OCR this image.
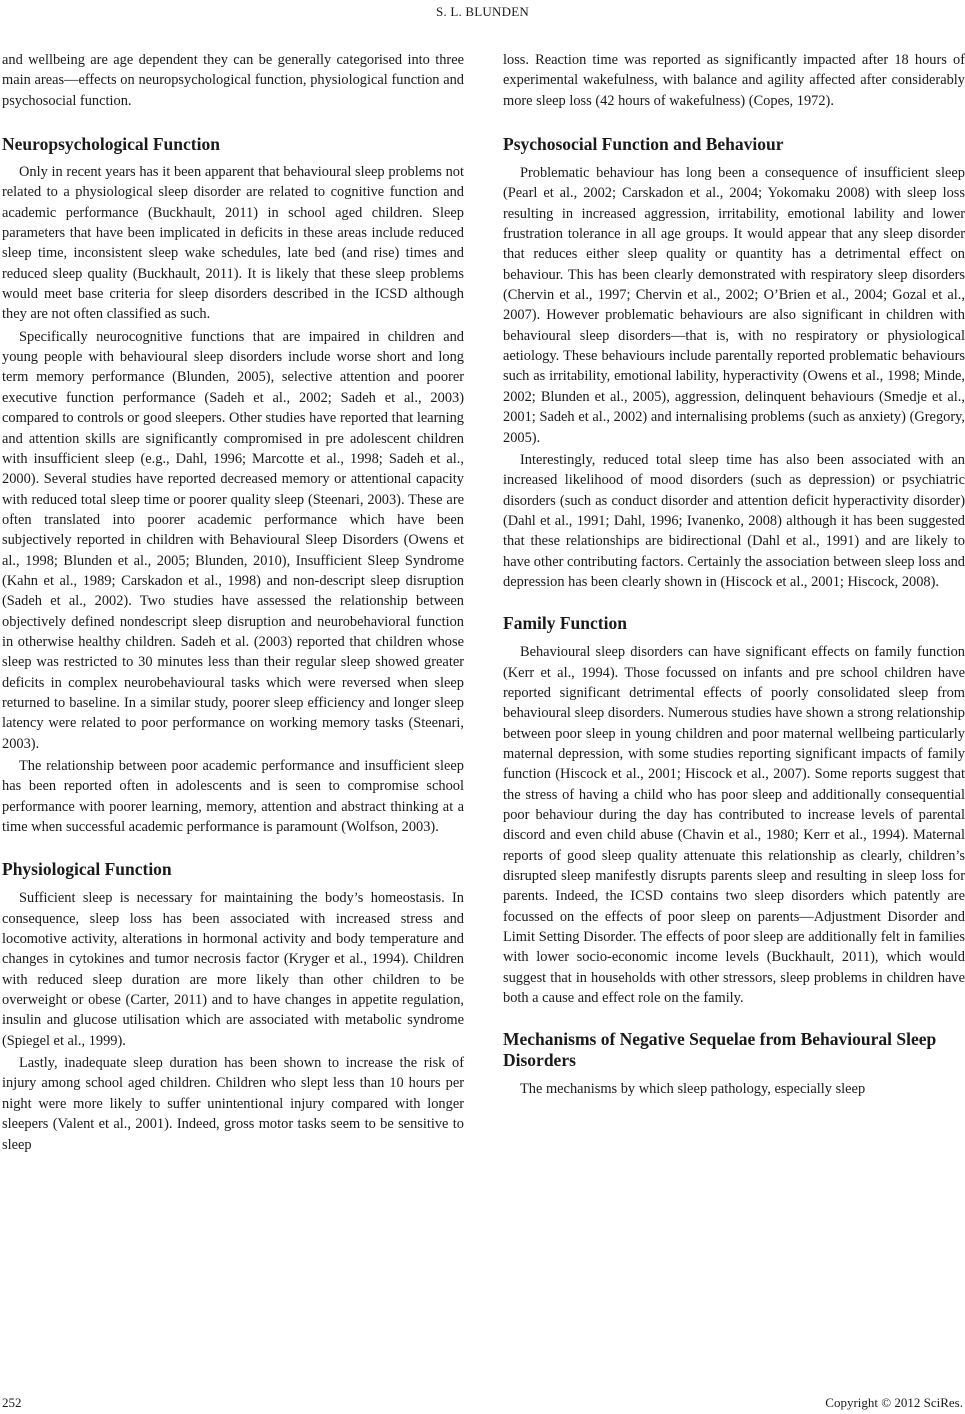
S. L. BLUNDEN

and wellbeing are age dependent they can be generally categorised into three main areas—effects on neuropsychological function, physiological function and psychosocial function.

Neuropsychological Function

Only in recent years has it been apparent that behavioural sleep problems not related to a physiological sleep disorder are related to cognitive function and academic performance (Buckhault, 2011) in school aged children. Sleep parameters that have been implicated in deficits in these areas include reduced sleep time, inconsistent sleep wake schedules, late bed (and rise) times and reduced sleep quality (Buckhault, 2011). It is likely that these sleep problems would meet base criteria for sleep disorders described in the ICSD although they are not often classified as such.

Specifically neurocognitive functions that are impaired in children and young people with behavioural sleep disorders include worse short and long term memory performance (Blunden, 2005), selective attention and poorer executive function performance (Sadeh et al., 2002; Sadeh et al., 2003) compared to controls or good sleepers. Other studies have reported that learning and attention skills are significantly compromised in pre adolescent children with insufficient sleep (e.g., Dahl, 1996; Marcotte et al., 1998; Sadeh et al., 2000). Several studies have reported decreased memory or attentional capacity with reduced total sleep time or poorer quality sleep (Steenari, 2003). These are often translated into poorer academic performance which have been subjectively reported in children with Behavioural Sleep Disorders (Owens et al., 1998; Blunden et al., 2005; Blunden, 2010), Insufficient Sleep Syndrome (Kahn et al., 1989; Carskadon et al., 1998) and non-descript sleep disruption (Sadeh et al., 2002). Two studies have assessed the relationship between objectively defined nondescript sleep disruption and neurobehavioral function in otherwise healthy children. Sadeh et al. (2003) reported that children whose sleep was restricted to 30 minutes less than their regular sleep showed greater deficits in complex neurobehavioural tasks which were reversed when sleep returned to baseline. In a similar study, poorer sleep efficiency and longer sleep latency were related to poor performance on working memory tasks (Steenari, 2003).

The relationship between poor academic performance and insufficient sleep has been reported often in adolescents and is seen to compromise school performance with poorer learning, memory, attention and abstract thinking at a time when successful academic performance is paramount (Wolfson, 2003).

Physiological Function

Sufficient sleep is necessary for maintaining the body’s homeostasis. In consequence, sleep loss has been associated with increased stress and locomotive activity, alterations in hormonal activity and body temperature and changes in cytokines and tumor necrosis factor (Kryger et al., 1994). Children with reduced sleep duration are more likely than other children to be overweight or obese (Carter, 2011) and to have changes in appetite regulation, insulin and glucose utilisation which are associated with metabolic syndrome (Spiegel et al., 1999).

Lastly, inadequate sleep duration has been shown to increase the risk of injury among school aged children. Children who slept less than 10 hours per night were more likely to suffer unintentional injury compared with longer sleepers (Valent et al., 2001). Indeed, gross motor tasks seem to be sensitive to sleep

loss. Reaction time was reported as significantly impacted after 18 hours of experimental wakefulness, with balance and agility affected after considerably more sleep loss (42 hours of wakefulness) (Copes, 1972).

Psychosocial Function and Behaviour

Problematic behaviour has long been a consequence of insufficient sleep (Pearl et al., 2002; Carskadon et al., 2004; Yokomaku 2008) with sleep loss resulting in increased aggression, irritability, emotional lability and lower frustration tolerance in all age groups. It would appear that any sleep disorder that reduces either sleep quality or quantity has a detrimental effect on behaviour. This has been clearly demonstrated with respiratory sleep disorders (Chervin et al., 1997; Chervin et al., 2002; O’Brien et al., 2004; Gozal et al., 2007). However problematic behaviours are also significant in children with behavioural sleep disorders—that is, with no respiratory or physiological aetiology. These behaviours include parentally reported problematic behaviours such as irritability, emotional lability, hyperactivity (Owens et al., 1998; Minde, 2002; Blunden et al., 2005), aggression, delinquent behaviours (Smedje et al., 2001; Sadeh et al., 2002) and internalising problems (such as anxiety) (Gregory, 2005).

Interestingly, reduced total sleep time has also been associated with an increased likelihood of mood disorders (such as depression) or psychiatric disorders (such as conduct disorder and attention deficit hyperactivity disorder) (Dahl et al., 1991; Dahl, 1996; Ivanenko, 2008) although it has been suggested that these relationships are bidirectional (Dahl et al., 1991) and are likely to have other contributing factors. Certainly the association between sleep loss and depression has been clearly shown in (Hiscock et al., 2001; Hiscock, 2008).

Family Function

Behavioural sleep disorders can have significant effects on family function (Kerr et al., 1994). Those focussed on infants and pre school children have reported significant detrimental effects of poorly consolidated sleep from behavioural sleep disorders. Numerous studies have shown a strong relationship between poor sleep in young children and poor maternal wellbeing particularly maternal depression, with some studies reporting significant impacts of family function (Hiscock et al., 2001; Hiscock et al., 2007). Some reports suggest that the stress of having a child who has poor sleep and additionally consequential poor behaviour during the day has contributed to increase levels of parental discord and even child abuse (Chavin et al., 1980; Kerr et al., 1994). Maternal reports of good sleep quality attenuate this relationship as clearly, children’s disrupted sleep manifestly disrupts parents sleep and resulting in sleep loss for parents. Indeed, the ICSD contains two sleep disorders which patently are focussed on the effects of poor sleep on parents—Adjustment Disorder and Limit Setting Disorder. The effects of poor sleep are additionally felt in families with lower socio-economic income levels (Buckhault, 2011), which would suggest that in households with other stressors, sleep problems in children have both a cause and effect role on the family.

Mechanisms of Negative Sequelae from Behavioural Sleep Disorders

The mechanisms by which sleep pathology, especially sleep

252	Copyright © 2012 SciRes.
